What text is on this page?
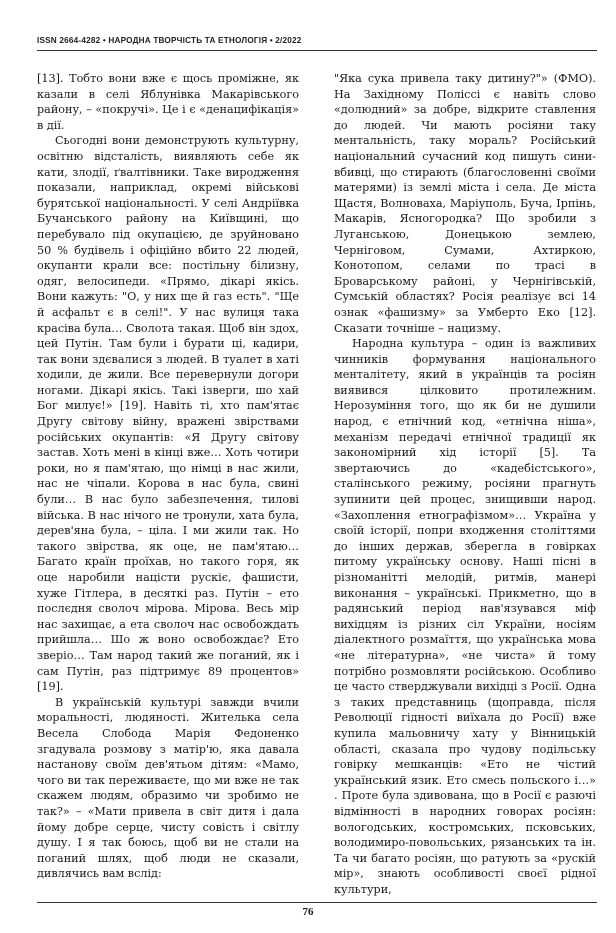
ISSN 2664-4282 • НАРОДНА ТВОРЧІСТЬ ТА ЕТНОЛОГІЯ • 2/2022

[13]. Тобто вони вже є щось проміжне, як казали в селі Яблунівка Макарівського району, – «покручі». Це і є «денацифікація» в дії.

Сьогодні вони демонструють культурну, освітню відсталість, виявляють себе як кати, злодії, ґвалтівники. Таке виродження показали, наприклад, окремі військові бурятської національності. У селі Андріївка Бучанського району на Київщині, що перебувало під окупацією, де зруйновано 50 % будівель і офіційно вбито 22 людей, окупанти крали все: постільну білизну, одяг, велосипеди. «Прямо, дікарі якісь. Вони кажуть: "О, у них ще й газ есть". "Ще й асфальт є в селі!". У нас вулиця така красіва була… Сволота такая. Щоб він здох, цей Путін. Там були і бурати ці, кадири, так вони здєвалися з людей. В туалет в хаті ходили, де жили. Все перевернули догори ногами. Дікарі якісь. Такі ізверги, шо хай Бог милує!» [19]. Навіть ті, хто пам'ятає Другу світову війну, вражені звірствами російських окупантів: «Я Другу світову застав. Хоть мені в кінці вже… Хоть чотири роки, но я пам'ятаю, що німці в нас жили, нас не чіпали. Корова в нас була, свині були… В нас було забезпечення, тилові війська. В нас нічого не тронули, хата була, дерев'яна була, – ціла. І ми жили так. Но такого звірства, як оце, не пам'ятаю… Багато країн проїхав, но такого горя, як оце наробили націсти рускіє, фашисти, хуже Гітлера, в десяткі раз. Путін – ето послєдня сволоч мірова. Мірова. Весь мір нас захищає, а ета сволоч нас освобождать прийшла… Шо ж воно освобождає? Ето зверіо… Там народ такий же поганий, як і сам Путін, раз підтримує 89 процентов» [19].

В українській культурі завжди вчили моральності, людяності. Жителька села Весела Слобода Марія Федоненко згадувала розмову з матір'ю, яка давала настанову своїм дев'ятьом дітям: «Мамо, чого ви так переживаєте, що ми вже не так скажем людям, образимо чи зробимо не так?» – «Мати привела в світ дитя і дала йому добре серце, чисту совість і світлу душу. І я так боюсь, щоб ви не стали на поганий шлях, щоб люди не сказали, дивлячись вам вслід:

"Яка сука привела таку дитину?"» (ФМО). На Західному Поліссі є навіть слово «долюдний» за добре, відкрите ставлення до людей. Чи мають росіяни таку ментальність, таку мораль? Російський національний сучасний код пишуть сини-вбивці, що стирають (благословенні своїми матерями) із землі міста і села. Де міста Щастя, Волноваха, Маріуполь, Буча, Ірпінь, Макарів, Ясногородка? Що зробили з Луганською, Донецькою землею, Черніговом, Сумами, Ахтиркою, Конотопом, селами по трасі в Броварському районі, у Чернігівській, Сумській областях? Росія реалізує всі 14 ознак «фашизму» за Умберто Еко [12]. Сказати точніше – нацизму.

Народна культура – один із важливих чинників формування національного менталітету, який в українців та росіян виявився цілковито протилежним. Нерозуміння того, що як би не душили народ, є етнічний код, «етнічна ніша», механізм передачі етнічної традиції як закономірний хід історії [5]. Та звертаючись до «кадебістського», сталінського режиму, росіяни прагнуть зупинити цей процес, знищивши народ. «Захоплення етнографізмом»… Україна у своїй історії, попри входження століттями до інших держав, зберегла в говірках питому українську основу. Наші пісні в різноманітті мелодій, ритмів, манері виконання – українські. Прикметно, що в радянський період нав'язувався міф вихідцям із різних сіл України, носіям діалектного розмаїття, що українська мова «не літературна», «не чиста» й тому потрібно розмовляти російською. Особливо це часто стверджували вихідці з Росії. Одна з таких представниць (щоправда, після Революції гідності виїхала до Росії) вже купила мальовничу хату у Вінницькій області, сказала про чудову подільську говірку мешканців: «Ето не чістий український язик. Ето смесь польского і…» . Проте була здивована, що в Росії є разючі відмінності в народних говорах росіян: вологодських, костромських, псковських, володимиро-повольських, рязанських та ін. Та чи багато росіян, що ратують за «рускій мір», знають особливості своєї рідної культури,

76
